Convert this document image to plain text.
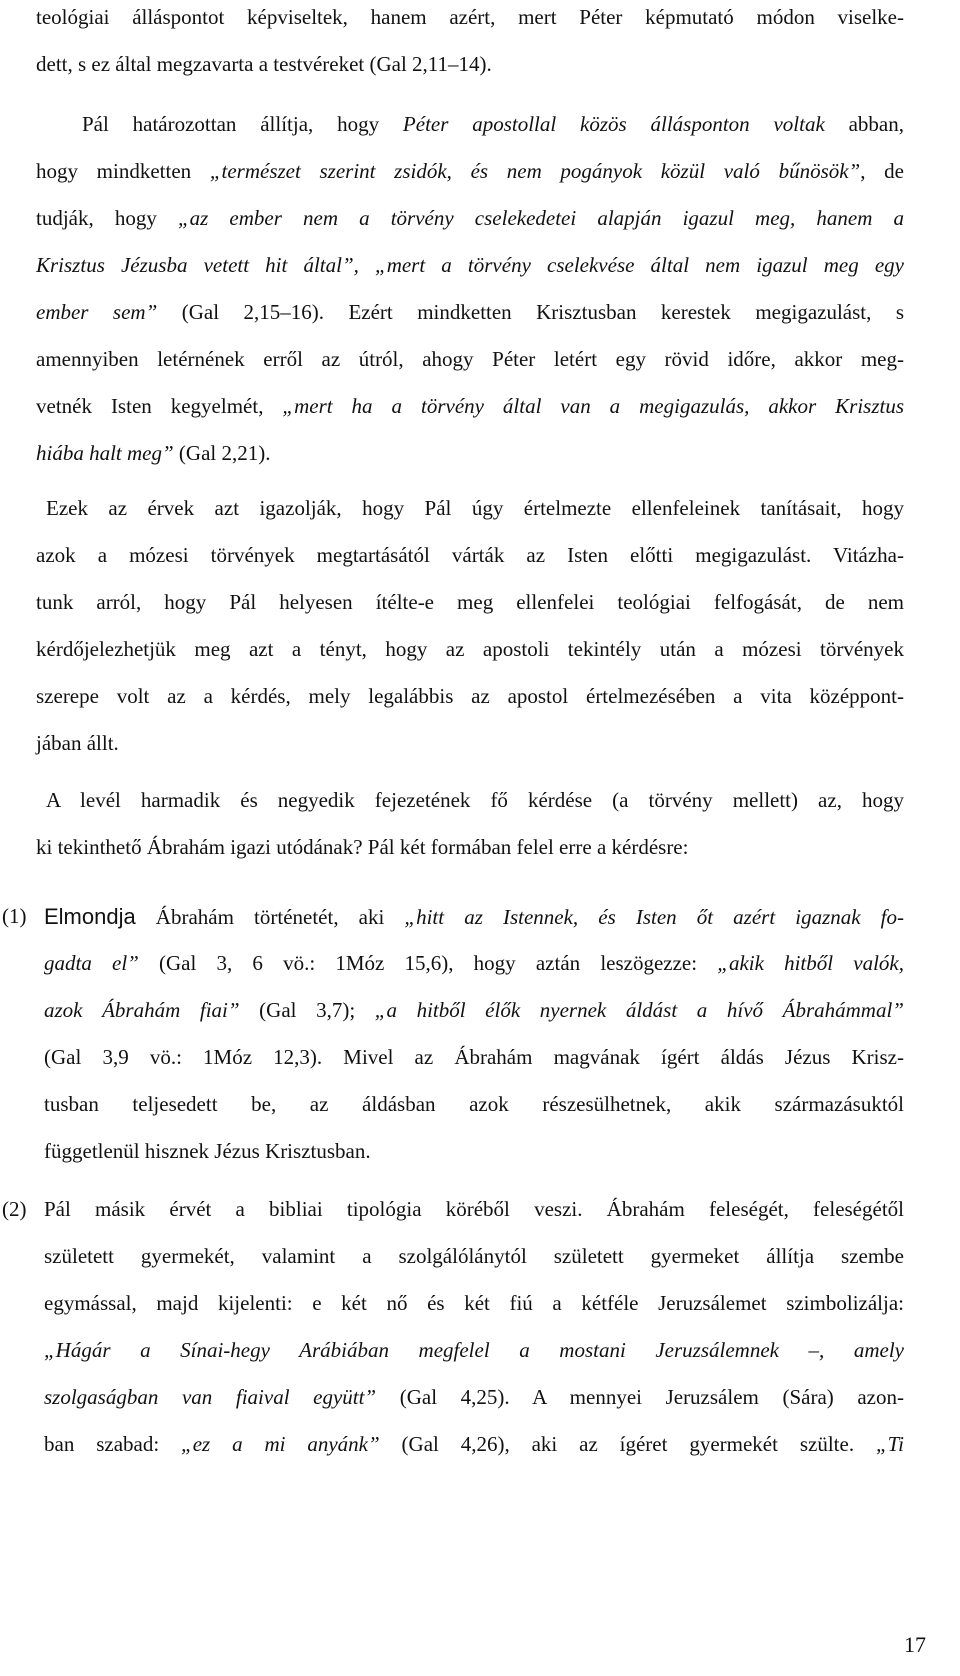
teológiai álláspontot képviseltek, hanem azért, mert Péter képmutató módon viselke-
dett, s ez által megzavarta a testvéreket (Gal 2,11–14).
Pál határozottan állítja, hogy Péter apostollal közös állásponton voltak abban,
hogy mindketten „természet szerint zsidók, és nem pogányok közül való bűnösök”, de
tudják, hogy „az ember nem a törvény cselekedetei alapján igazul meg, hanem a
Krisztus Jézusba vetett hit által”, „mert a törvény cselekvése által nem igazul meg egy
ember sem” (Gal 2,15–16). Ezért mindketten Krisztusban kerestek megigazulást, s
amennyiben letérnének erről az útról, ahogy Péter letért egy rövid időre, akkor meg-
vetnék Isten kegyelmét, „mert ha a törvény által van a megigazulás, akkor Krisztus
hiába halt meg” (Gal 2,21).
Ezek az érvek azt igazolják, hogy Pál úgy értelmezte ellenfeleinek tanításait, hogy
azok a mózesi törvények megtartásától várták az Isten előtti megigazulást. Vitázha-
tunk arról, hogy Pál helyesen ítélte-e meg ellenfelei teológiai felfogását, de nem
kérdőjelezhetjük meg azt a tényt, hogy az apostoli tekintély után a mózesi törvények
szerepe volt az a kérdés, mely legalábbis az apostol értelmezésében a vita középpont-
jában állt.
A levél harmadik és negyedik fejezetének fő kérdése (a törvény mellett) az, hogy
ki tekinthető Ábrahám igazi utódának? Pál két formában felel erre a kérdésre:
(1) Elmondja Ábrahám történetét, aki „hitt az Istennek, és Isten őt azért igaznak fo-
gadta el” (Gal 3, 6 vö.: 1Móz 15,6), hogy aztán leszögezze: „akik hitből valók,
azok Ábrahám fiai” (Gal 3,7); „a hitből élők nyernek áldást a hívő Ábrahámmal”
(Gal 3,9 vö.: 1Móz 12,3). Mivel az Ábrahám magvának ígért áldás Jézus Krisz-
tusban teljesedett be, az áldásban azok részesülhetnek, akik származásuktól
függetlenül hisznek Jézus Krisztusban.
(2) Pál másik érvét a bibliai tipológia köréből veszi. Ábrahám feleségét, feleségétől
született gyermekét, valamint a szolgálólánytól született gyermeket állítja szembe
egymással, majd kijelenti: e két nő és két fiú a kétféle Jeruzsálemet szimbolizálja:
„Hágár a Sínai-hegy Arábiában megfelel a mostani Jeruzsálemnek –, amely
szolgaságban van fiaival együtt” (Gal 4,25). A mennyei Jeruzsálem (Sára) azon-
ban szabad: „ez a mi anyánk” (Gal 4,26), aki az ígéret gyermekét szülte. „Ti
17
